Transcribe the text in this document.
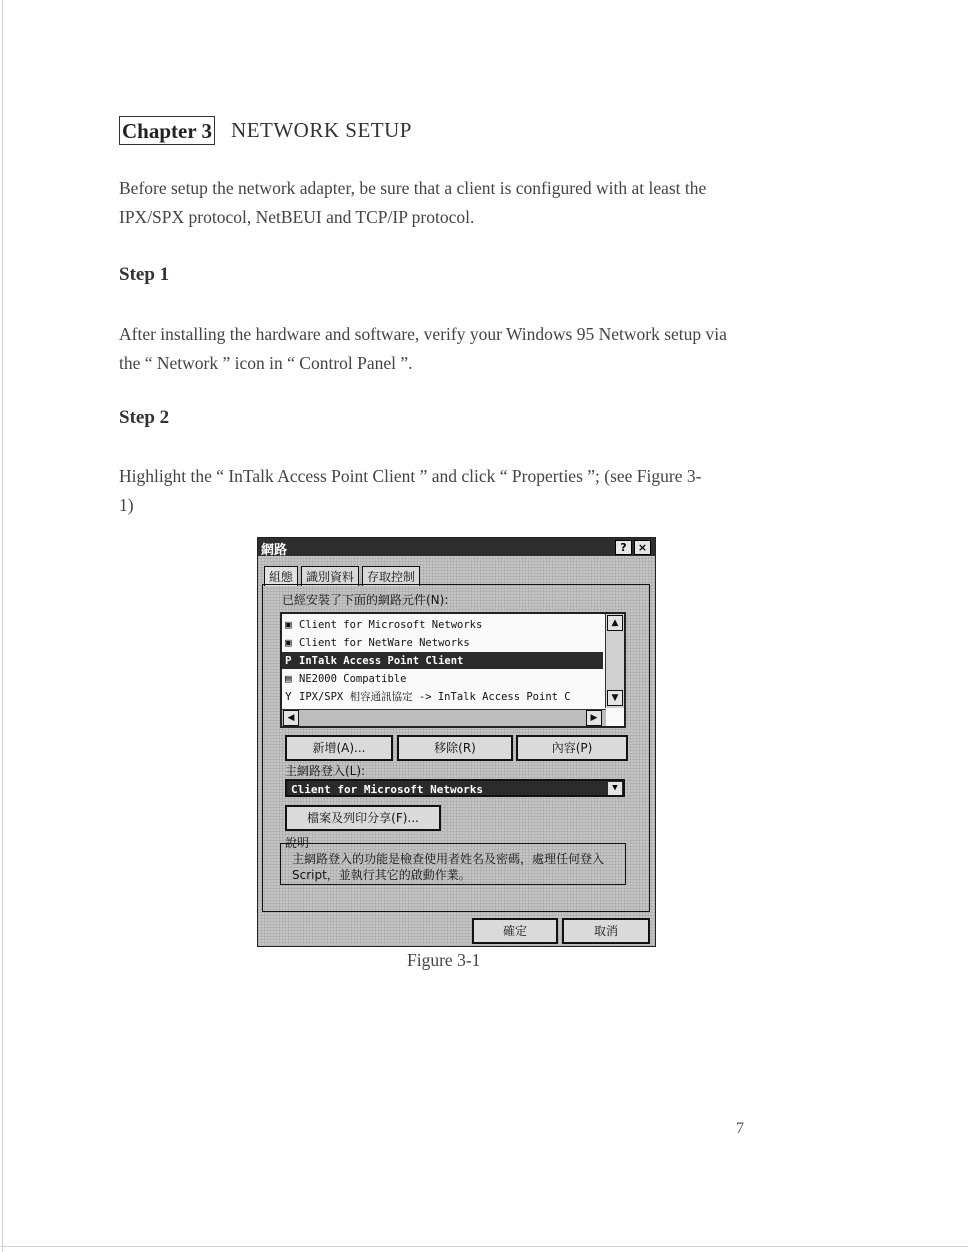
Chapter 3 NETWORK SETUP
Before setup the network adapter, be sure that a client is configured with at least the IPX/SPX protocol, NetBEUI and TCP/IP protocol.
Step 1
After installing the hardware and software, verify your Windows 95 Network setup via the “ Network ” icon in “ Control Panel ”.
Step 2
Highlight the “ InTalk Access Point Client ” and click “ Properties ”; (see Figure 3-1)
網路	?	×
組態	識別資料	存取控制
已經安裝了下面的網路元件(N):
▣ Client for Microsoft Networks
▣ Client for NetWare Networks
P InTalk Access Point Client
▤ NE2000 Compatible
Y IPX/SPX 相容通訊協定 -> InTalk Access Point C
▲
▼
◀	▶
新增(A)...	移除(R)	內容(P)
主網路登入(L):
Client for Microsoft Networks	▼
檔案及列印分享(F)...
說明
主網路登入的功能是檢查使用者姓名及密碼，處理任何登入 Script，並執行其它的啟動作業。
確定	取消
Figure 3-1
7
